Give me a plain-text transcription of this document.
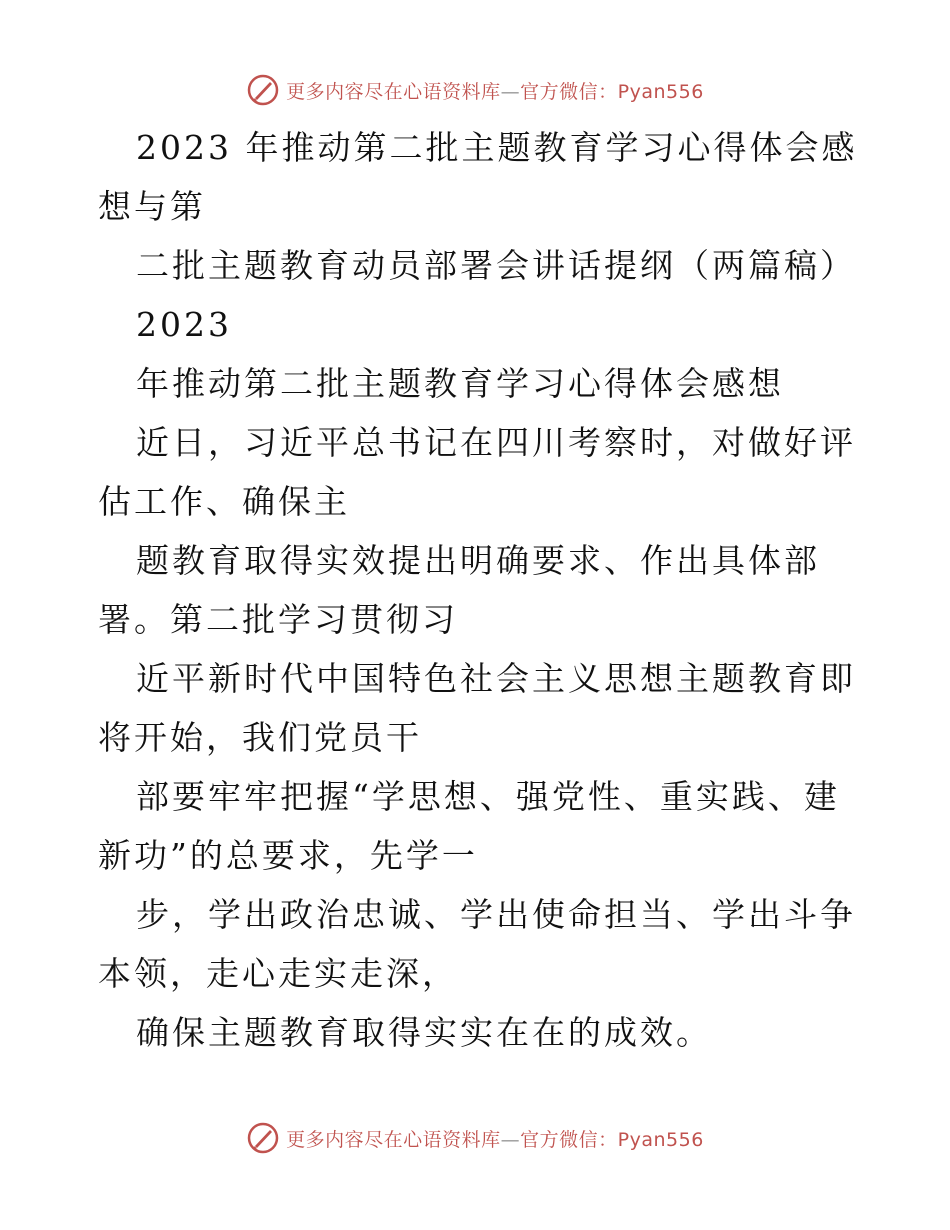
更多内容尽在心语资料库—官方微信：Pyan556

2023 年推动第二批主题教育学习心得体会感想与第

二批主题教育动员部署会讲话提纲（两篇稿）

2023

年推动第二批主题教育学习心得体会感想

近日，习近平总书记在四川考察时，对做好评估工作、确保主

题教育取得实效提出明确要求、作出具体部署。第二批学习贯彻习

近平新时代中国特色社会主义思想主题教育即将开始，我们党员干

部要牢牢把握“学思想、强党性、重实践、建新功”的总要求，先学一

步，学出政治忠诚、学出使命担当、学出斗争本领，走心走实走深，

确保主题教育取得实实在在的成效。

更多内容尽在心语资料库—官方微信：Pyan556
